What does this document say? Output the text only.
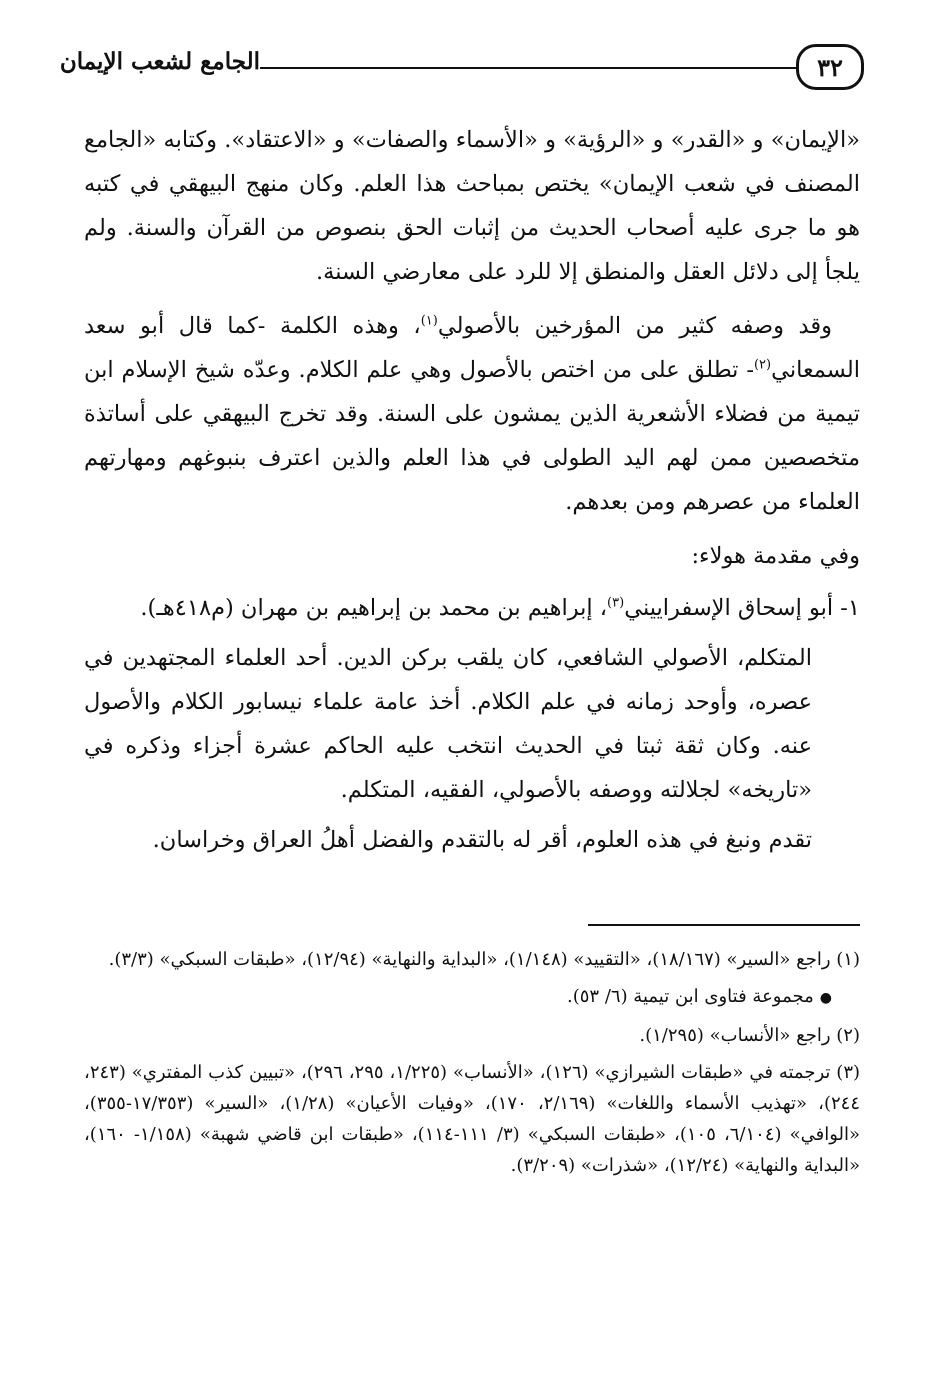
٣٢
الجامع لشعب الإيمان

«الإيمان» و «القدر» و «الرؤية» و «الأسماء والصفات» و «الاعتقاد». وكتابه «الجامع المصنف في شعب الإيمان» يختص بمباحث هذا العلم. وكان منهج البيهقي في كتبه هو ما جرى عليه أصحاب الحديث من إثبات الحق بنصوص من القرآن والسنة. ولم يلجأ إلى دلائل العقل والمنطق إلا للرد على معارضي السنة.

وقد وصفه كثير من المؤرخين بالأصولي$^{(١)}$، وهذه الكلمة -كما قال أبو سعد السمعاني$^{(٢)}$- تطلق على من اختص بالأصول وهي علم الكلام. وعدّه شيخ الإسلام ابن تيمية من فضلاء الأشعرية الذين يمشون على السنة. وقد تخرج البيهقي على أساتذة متخصصين ممن لهم اليد الطولى في هذا العلم والذين اعترف بنبوغهم ومهارتهم العلماء من عصرهم ومن بعدهم.

وفي مقدمة هولاء:

١- أبو إسحاق الإسفراييني$^{(٣)}$، إبراهيم بن محمد بن إبراهيم بن مهران (م٤١٨هـ).

المتكلم، الأصولي الشافعي، كان يلقب بركن الدين. أحد العلماء المجتهدين في عصره، وأوحد زمانه في علم الكلام. أخذ عامة علماء نيسابور الكلام والأصول عنه. وكان ثقة ثبتا في الحديث انتخب عليه الحاكم عشرة أجزاء وذكره في «تاريخه» لجلالته ووصفه بالأصولي، الفقيه، المتكلم.

تقدم ونبغ في هذه العلوم، أقر له بالتقدم والفضل أهلُ العراق وخراسان.

(١) راجع «السير» (١٨/١٦٧)، «التقييد» (١/١٤٨)، «البداية والنهاية» (١٢/٩٤)، «طبقات السبكي» (٣/٣).

●مجموعة فتاوى ابن تيمية (٦/ ٥٣).

(٢) راجع «الأنساب» (١/٢٩٥).

(٣) ترجمته في «طبقات الشيرازي» (١٢٦)، «الأنساب» (١/٢٢٥، ٢٩٥، ٢٩٦)، «تبيين كذب المفتري» (٢٤٣، ٢٤٤)، «تهذيب الأسماء واللغات» (٢/١٦٩، ١٧٠)، «وفيات الأعيان» (١/٢٨)، «السير» (١٧/٣٥٣-٣٥٥)، «الوافي» (٦/١٠٤، ١٠٥)، «طبقات السبكي» (٣/ ١١١-١١٤)، «طبقات ابن قاضي شهبة» (١/١٥٨- ١٦٠)، «البداية والنهاية» (١٢/٢٤)، «شذرات» (٣/٢٠٩).
